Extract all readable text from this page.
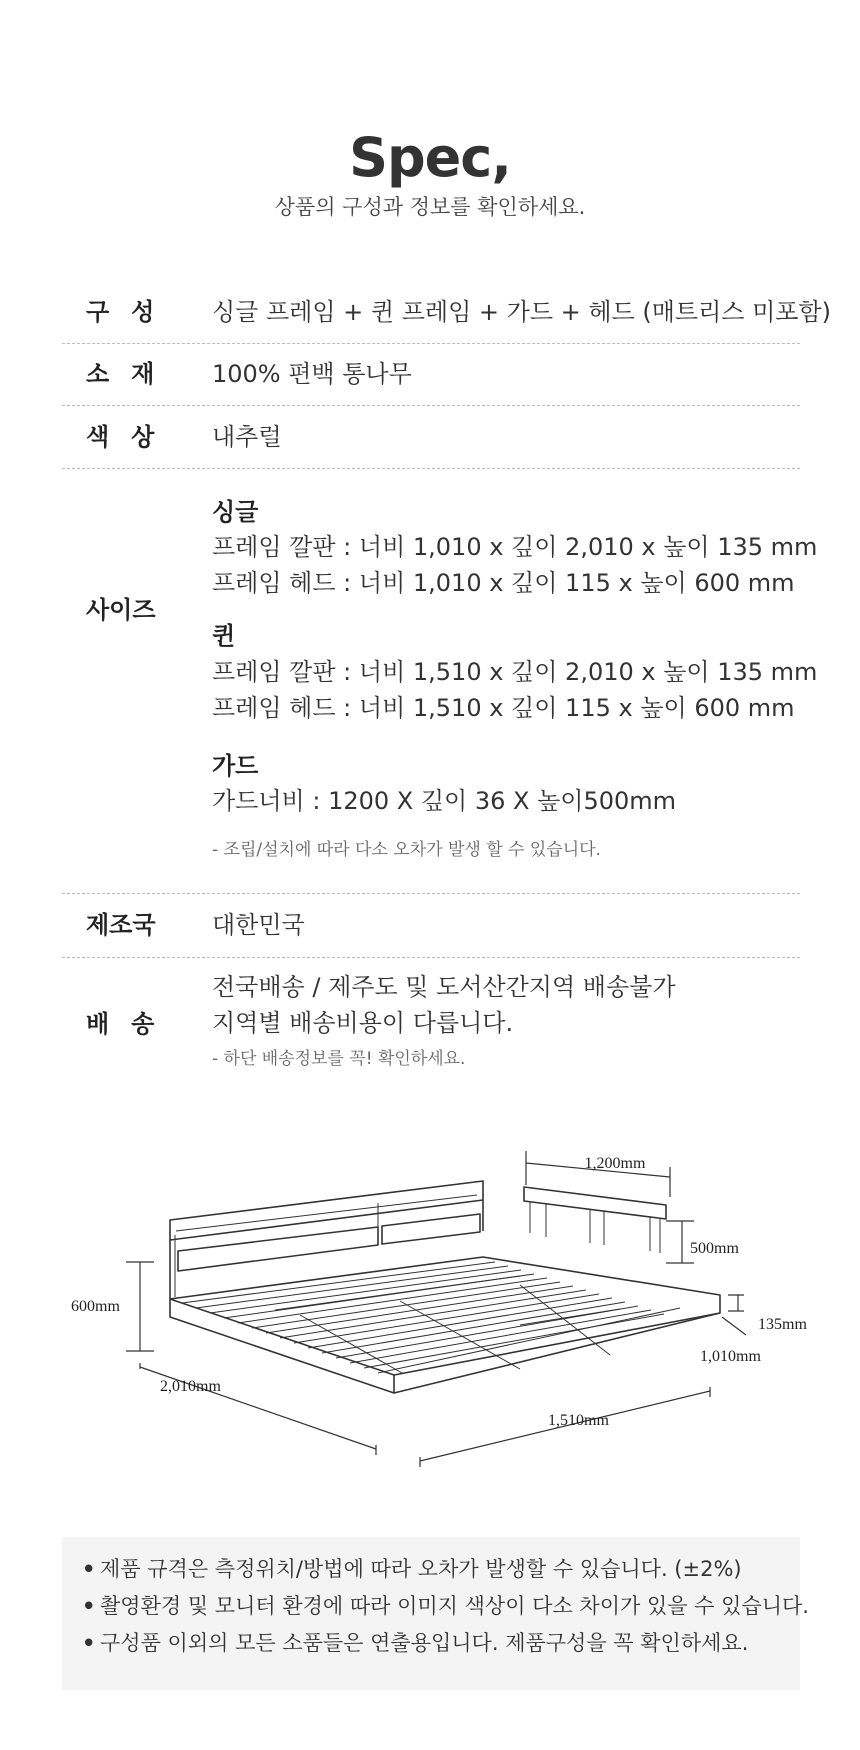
Spec,
상품의 구성과 정보를 확인하세요.
구성 싱글 프레임 + 퀸 프레임 + 가드 + 헤드 (매트리스 미포함)
소재 100% 편백 통나무
색상 내추럴
사이즈
싱글
프레임 깔판 : 너비 1,010 x 깊이 2,010 x 높이 135 mm
프레임 헤드 : 너비 1,010 x 깊이 115 x 높이 600 mm
퀸
프레임 깔판 : 너비 1,510 x 깊이 2,010 x 높이 135 mm
프레임 헤드 : 너비 1,510 x 깊이 115 x 높이 600 mm
가드
가드너비 : 1200 X 깊이 36 X 높이500mm
- 조립/설치에 따라 다소 오차가 발생 할 수 있습니다.
제조국 대한민국
배송
전국배송 / 제주도 및 도서산간지역 배송불가
지역별 배송비용이 다릅니다.
- 하단 배송정보를 꼭! 확인하세요.
1,200mm
500mm
600mm
135mm
1,010mm
2,010mm
1,510mm
• 제품 규격은 측정위치/방법에 따라 오차가 발생할 수 있습니다. (±2%)
• 촬영환경 및 모니터 환경에 따라 이미지 색상이 다소 차이가 있을 수 있습니다.
• 구성품 이외의 모든 소품들은 연출용입니다. 제품구성을 꼭 확인하세요.
